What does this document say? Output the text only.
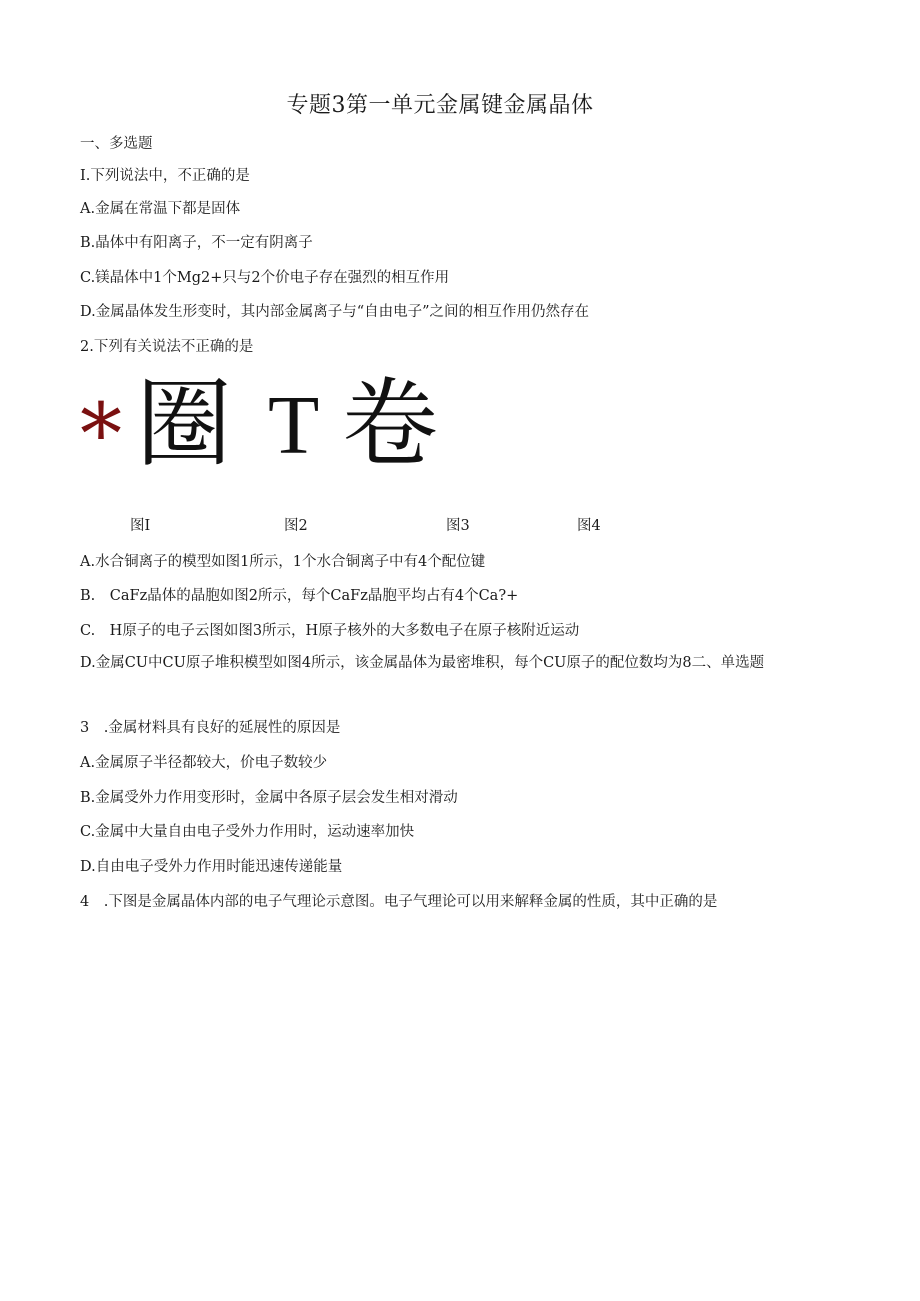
专题3第一单元金属键金属晶体
一、多选题
I.下列说法中，不正确的是
A.金属在常温下都是固体
B.晶体中有阳离子，不一定有阴离子
C.镁晶体中1个Mg2+只与2个价电子存在强烈的相互作用
D.金属晶体发生形变时，其内部金属离子与“自由电子”之间的相互作用仍然存在
2.下列有关说法不正确的是
* 圈 T 卷
图I	图2	图3	图4
A.水合铜离子的模型如图1所示，1个水合铜离子中有4个配位键
B.　CaFz晶体的晶胞如图2所示，每个CaFz晶胞平均占有4个Ca?+
C.　H原子的电子云图如图3所示，H原子核外的大多数电子在原子核附近运动
D.金属CU中CU原子堆积模型如图4所示，该金属晶体为最密堆积，每个CU原子的配位数均为8二、单选题
3　.金属材料具有良好的延展性的原因是
A.金属原子半径都较大，价电子数较少
B.金属受外力作用变形时，金属中各原子层会发生相对滑动
C.金属中大量自由电子受外力作用时，运动速率加快
D.自由电子受外力作用时能迅速传递能量
4　.下图是金属晶体内部的电子气理论示意图。电子气理论可以用来解释金属的性质，其中正确的是
